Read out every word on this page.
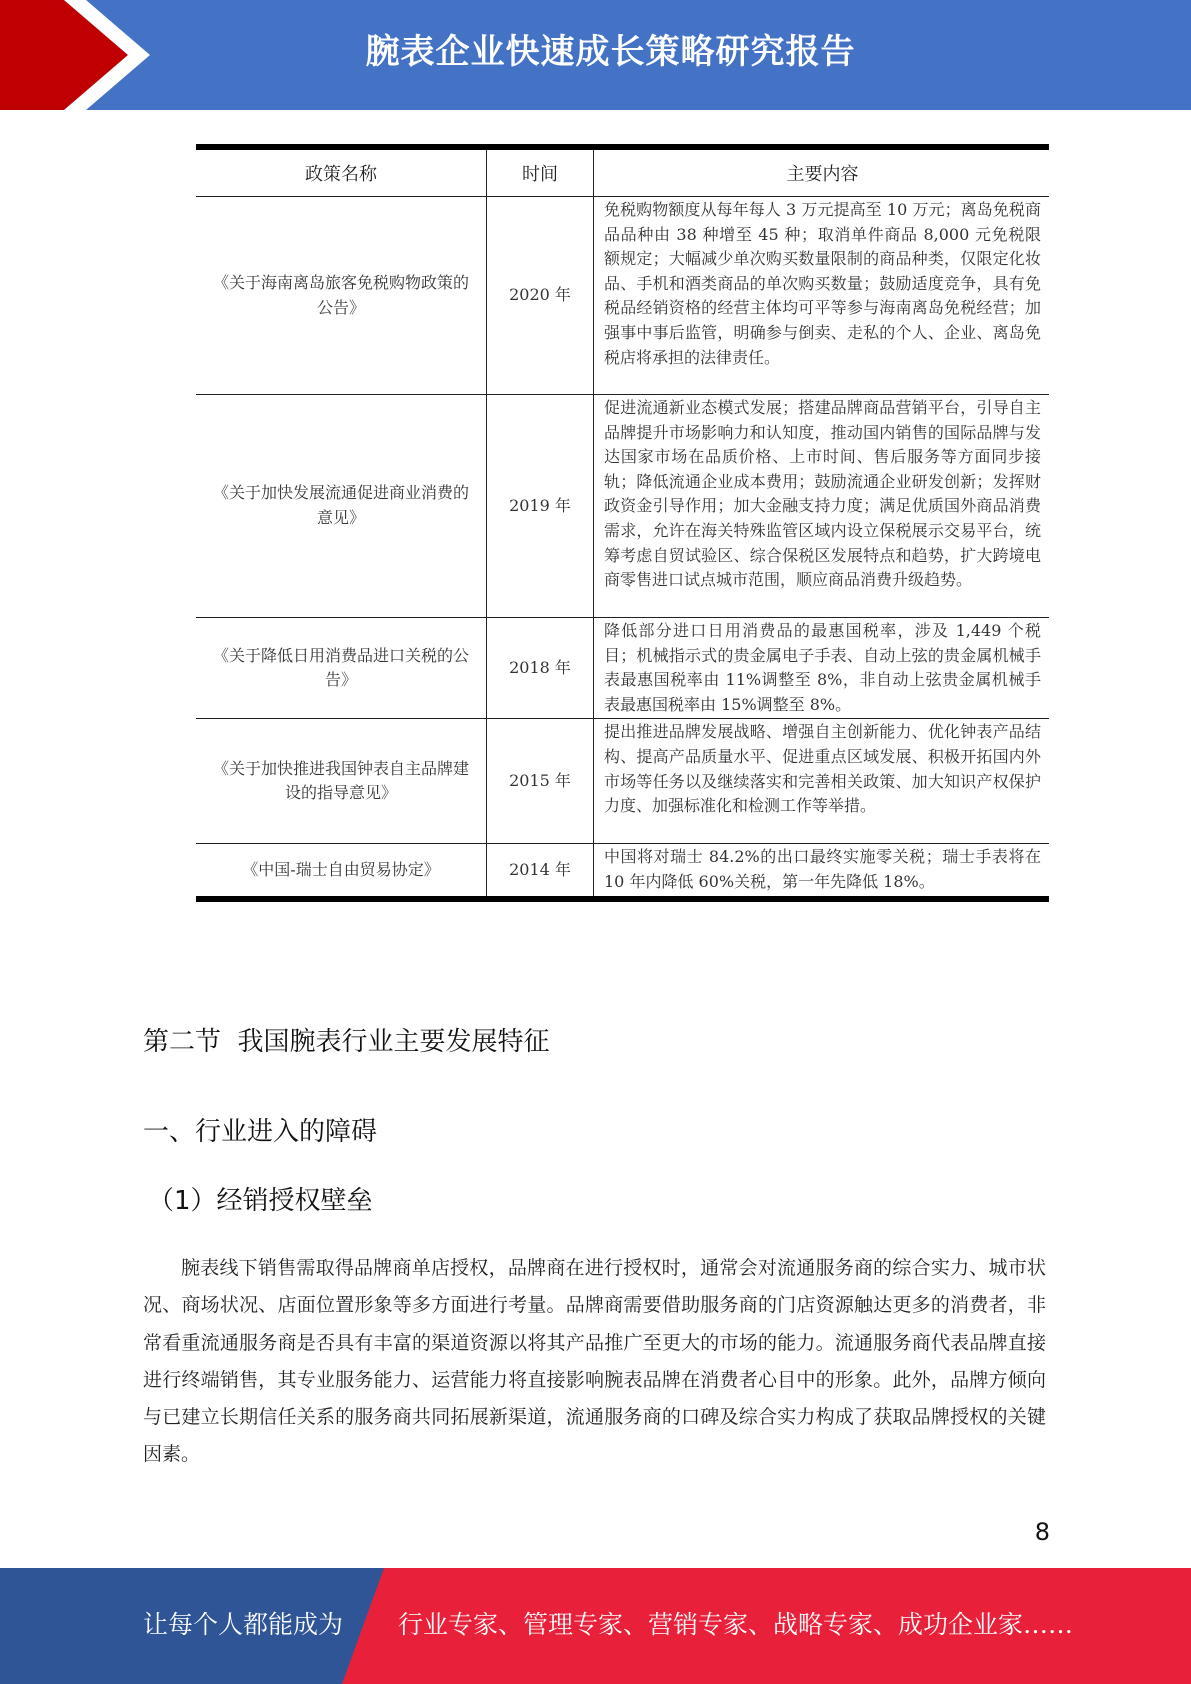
腕表企业快速成长策略研究报告
政策名称	时间	主要内容
《关于海南离岛旅客免税购物政策的公告》	2020 年	免税购物额度从每年每人 3 万元提高至 10 万元；离岛免税商品品种由 38 种增至 45 种；取消单件商品 8,000 元免税限额规定；大幅减少单次购买数量限制的商品种类，仅限定化妆品、手机和酒类商品的单次购买数量；鼓励适度竞争，具有免税品经销资格的经营主体均可平等参与海南离岛免税经营；加强事中事后监管，明确参与倒卖、走私的个人、企业、离岛免税店将承担的法律责任。
《关于加快发展流通促进商业消费的意见》	2019 年	促进流通新业态模式发展；搭建品牌商品营销平台，引导自主品牌提升市场影响力和认知度，推动国内销售的国际品牌与发达国家市场在品质价格、上市时间、售后服务等方面同步接轨；降低流通企业成本费用；鼓励流通企业研发创新；发挥财政资金引导作用；加大金融支持力度；满足优质国外商品消费需求，允许在海关特殊监管区域内设立保税展示交易平台，统筹考虑自贸试验区、综合保税区发展特点和趋势，扩大跨境电商零售进口试点城市范围，顺应商品消费升级趋势。
《关于降低日用消费品进口关税的公告》	2018 年	降低部分进口日用消费品的最惠国税率，涉及 1,449 个税目；机械指示式的贵金属电子手表、自动上弦的贵金属机械手表最惠国税率由 11%调整至 8%，非自动上弦贵金属机械手表最惠国税率由 15%调整至 8%。
《关于加快推进我国钟表自主品牌建设的指导意见》	2015 年	提出推进品牌发展战略、增强自主创新能力、优化钟表产品结构、提高产品质量水平、促进重点区域发展、积极开拓国内外市场等任务以及继续落实和完善相关政策、加大知识产权保护力度、加强标准化和检测工作等举措。
《中国-瑞士自由贸易协定》	2014 年	中国将对瑞士 84.2%的出口最终实施零关税；瑞士手表将在 10 年内降低 60%关税，第一年先降低 18%。
第二节  我国腕表行业主要发展特征
一、行业进入的障碍
（1）经销授权壁垒

腕表线下销售需取得品牌商单店授权，品牌商在进行授权时，通常会对流通服务商的综合实力、城市状况、商场状况、店面位置形象等多方面进行考量。品牌商需要借助服务商的门店资源触达更多的消费者，非常看重流通服务商是否具有丰富的渠道资源以将其产品推广至更大的市场的能力。流通服务商代表品牌直接进行终端销售，其专业服务能力、运营能力将直接影响腕表品牌在消费者心目中的形象。此外，品牌方倾向与已建立长期信任关系的服务商共同拓展新渠道，流通服务商的口碑及综合实力构成了获取品牌授权的关键因素。

8
让每个人都能成为 行业专家、管理专家、营销专家、战略专家、成功企业家……
